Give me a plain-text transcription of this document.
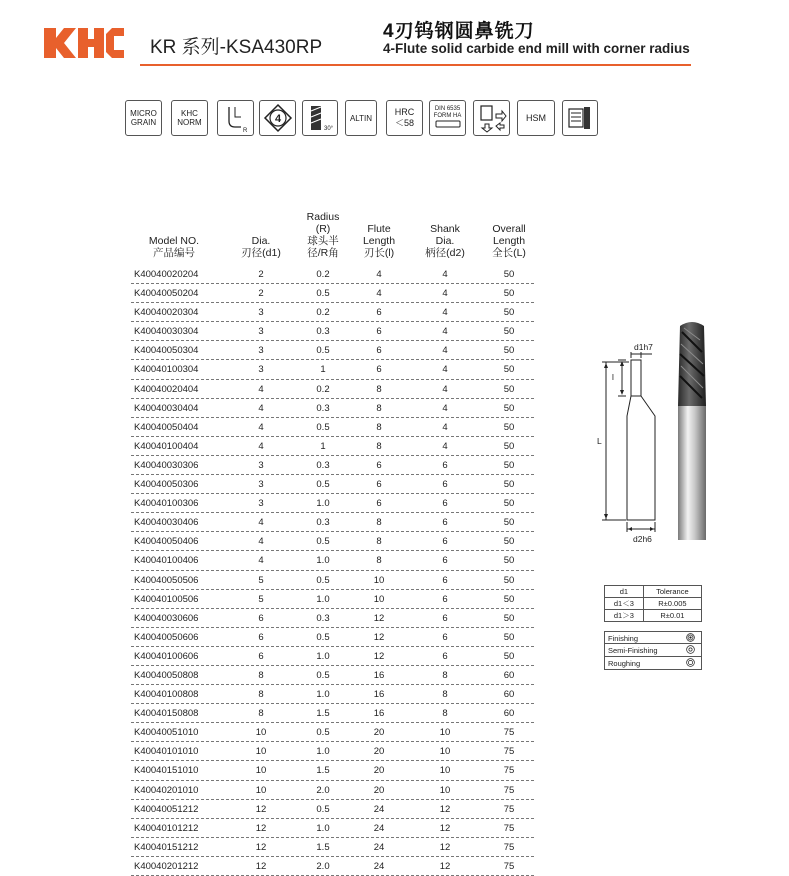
KR 系列-KSA430RP
4刃钨钢圆鼻铣刀
4-Flute solid carbide end mill with corner radius
MICRO
GRAIN
KHC
NORM
R
4
30°
ALTIN
HRC
＜58
DIN 6535
FORM HA	HSM
Model NO.
产品编号
Dia.
刃径(d1)
Radius
(R)
球头半
径/R角
Flute
Length
刃长(l)
Shank
Dia.
柄径(d2)
Overall
Length
全长(L)
K40040020204	2	0.2	4	4	50
K40040050204	2	0.5	4	4	50
K40040020304	3	0.2	6	4	50
K40040030304	3	0.3	6	4	50
K40040050304	3	0.5	6	4	50
K40040100304	3	1	6	4	50
K40040020404	4	0.2	8	4	50
K40040030404	4	0.3	8	4	50
K40040050404	4	0.5	8	4	50
K40040100404	4	1	8	4	50
K40040030306	3	0.3	6	6	50
K40040050306	3	0.5	6	6	50
K40040100306	3	1.0	6	6	50
K40040030406	4	0.3	8	6	50
K40040050406	4	0.5	8	6	50
K40040100406	4	1.0	8	6	50
K40040050506	5	0.5	10	6	50
K40040100506	5	1.0	10	6	50
K40040030606	6	0.3	12	6	50
K40040050606	6	0.5	12	6	50
K40040100606	6	1.0	12	6	50
K40040050808	8	0.5	16	8	60
K40040100808	8	1.0	16	8	60
K40040150808	8	1.5	16	8	60
K40040051010	10	0.5	20	10	75
K40040101010	10	1.0	20	10	75
K40040151010	10	1.5	20	10	75
K40040201010	10	2.0	20	10	75
K40040051212	12	0.5	24	12	75
K40040101212	12	1.0	24	12	75
K40040151212	12	1.5	24	12	75
K40040201212	12	2.0	24	12	75
d1h7
l
L
d2h6
d1	Tolerance
d1＜3	R±0.005
d1＞3	R±0.01
Finishing
Semi-Finishing
Roughing
